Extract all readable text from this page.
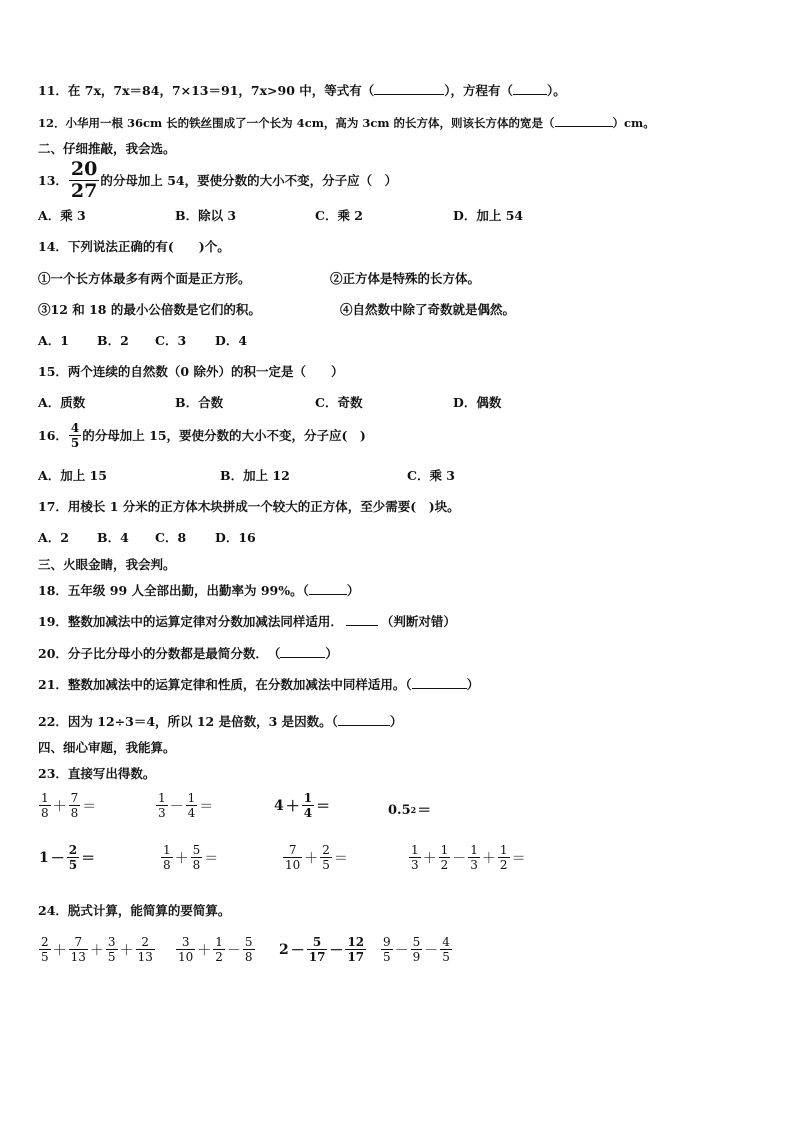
11．在 7x，7x＝84，7×13＝91，7x>90 中，等式有（	），方程有（	）。
12．小华用一根 36cm 长的铁丝围成了一个长为 4cm，高为 3cm 的长方体，则该长方体的宽是（	）cm。
二、仔细推敲，我会选。
13． $\frac{20}{27}$ 的分母加上 54，要使分数的大小不变，分子应（　）
A．乘 3	B．除以 3	C．乘 2	D．加上 54
14．下列说法正确的有(　　)个。
①一个长方体最多有两个面是正方形。	②正方体是特殊的长方体。
③12 和 18 的最小公倍数是它们的积。	④自然数中除了奇数就是偶然。
A．1 B．2 C．3 D．4
15．两个连续的自然数（0 除外）的积一定是（　　）
A．质数	B．合数	C．奇数	D．偶数
16． $\frac{4}{5}$ 的分母加上 15，要使分数的大小不变，分子应(　)
A．加上 15	B．加上 12	C．乘 3
17．用棱长 1 分米的正方体木块拼成一个较大的正方体，至少需要(　)块。
A．2 B．4 C．8 D．16
三、火眼金睛，我会判。
18．五年级 99 人全部出勤，出勤率为 99%。（	）
19．整数加减法中的运算定律对分数加减法同样适用．	（判断对错）
20．分子比分母小的分数都是最简分数．　（	）
21．整数加减法中的运算定律和性质，在分数加减法中同样适用。（	）
22．因为 12÷3＝4，所以 12 是倍数，3 是因数。（	）
四、细心审题，我能算。
23．直接写出得数。
$\frac{1}{8} + \frac{7}{8}$ ＝	$\frac{1}{3} - \frac{1}{4}$ ＝	$4 + \frac{1}{4}$ ＝	0.5 2 ＝
$1 - \frac{2}{5}$ ＝	$\frac{1}{8} + \frac{5}{8}$ ＝	$\frac{7}{10} + \frac{2}{5}$ ＝	$\frac{1}{3} + \frac{1}{2} - \frac{1}{3} + \frac{1}{2}$ ＝
24．脱式计算，能简算的要简算。
$\frac{2}{5} + \frac{7}{13} + \frac{3}{5} + \frac{2}{13} \frac{3}{10} + \frac{1}{2} - \frac{5}{8} 2 - \frac{5}{17} - \frac{12}{17} \frac{9}{5} - \frac{5}{9} - \frac{4}{5}$
